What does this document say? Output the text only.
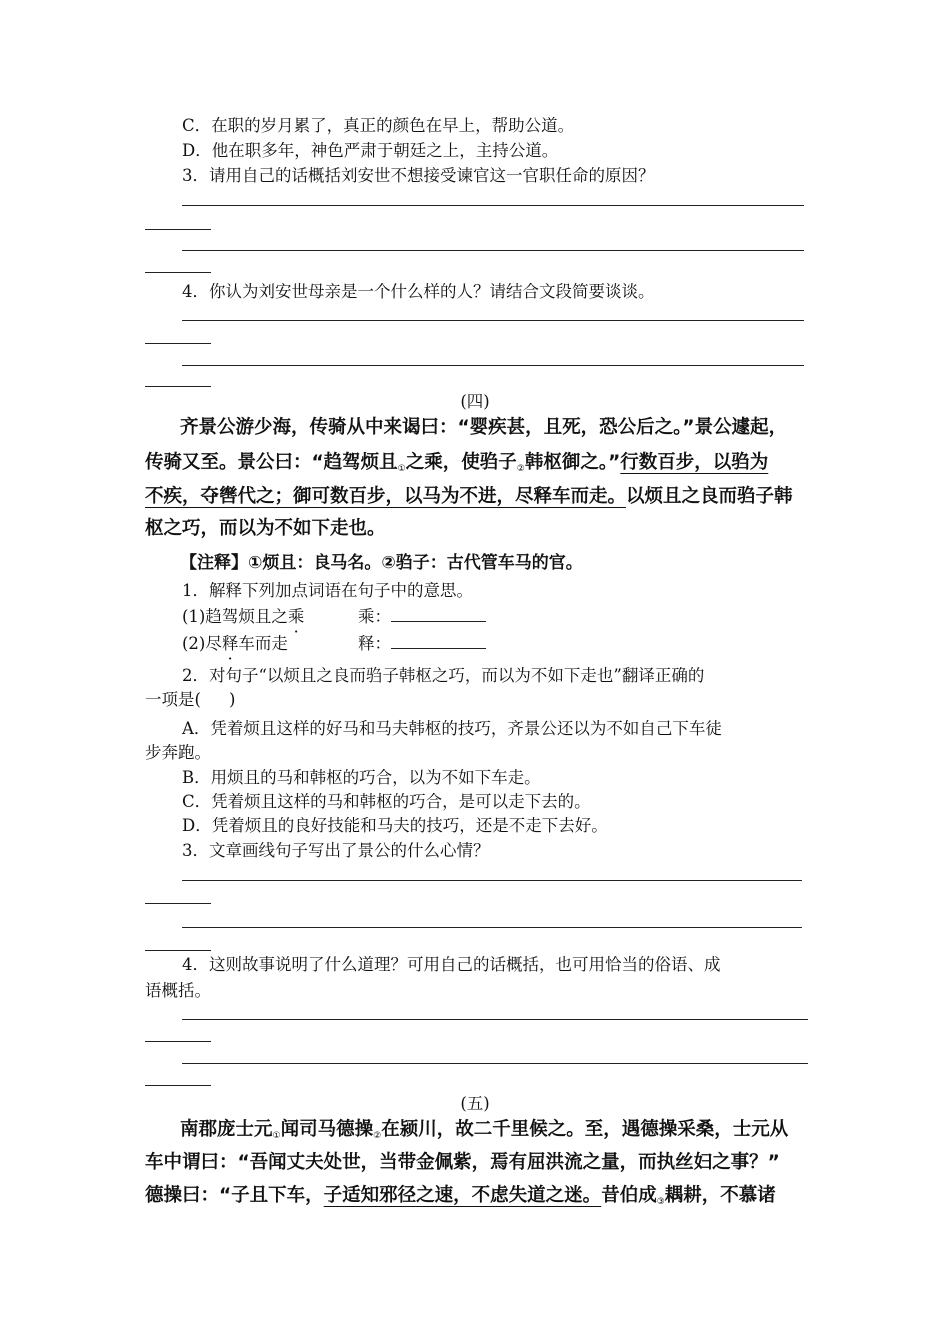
C．在职的岁月累了，真正的颜色在早上，帮助公道。
D．他在职多年，神色严肃于朝廷之上，主持公道。
3．请用自己的话概括刘安世不想接受谏官这一官职任命的原因？
4．你认为刘安世母亲是一个什么样的人？请结合文段简要谈谈。
(四)
齐景公游少海，传骑从中来谒曰：“婴疾甚，且死，恐公后之。”景公遽起，
传骑又至。景公曰：“趋驾烦且$_①$之乘，使驺子$_②$韩枢御之。”行数百步，以驺为
不疾，夺辔代之；御可数百步，以马为不进，尽释车而走。以烦且之良而驺子韩
枢之巧，而以为不如下走也。
【注释】①烦且：良马名。②驺子：古代管车马的官。
1．解释下列加点词语在句子中的意思。
(1)趋驾烦且之乘	乘：
(2)尽释车而走	释：
2．对句子“以烦且之良而驺子韩枢之巧，而以为不如下走也”翻译正确的
一项是( )
A．凭着烦且这样的好马和马夫韩枢的技巧，齐景公还以为不如自己下车徒
步奔跑。
B．用烦且的马和韩枢的巧合，以为不如下车走。
C．凭着烦且这样的马和韩枢的巧合，是可以走下去的。
D．凭着烦且的良好技能和马夫的技巧，还是不走下去好。
3．文章画线句子写出了景公的什么心情？
4．这则故事说明了什么道理？可用自己的话概括，也可用恰当的俗语、成
语概括。
(五)
南郡庞士元$_①$闻司马德操$_②$在颍川，故二千里候之。至，遇德操采桑，士元从
车中谓曰：“吾闻丈夫处世，当带金佩紫，焉有屈洪流之量，而执丝妇之事？”
德操曰：“子且下车，子适知邪径之速，不虑失道之迷。昔伯成$_③$耦耕，不慕诸
